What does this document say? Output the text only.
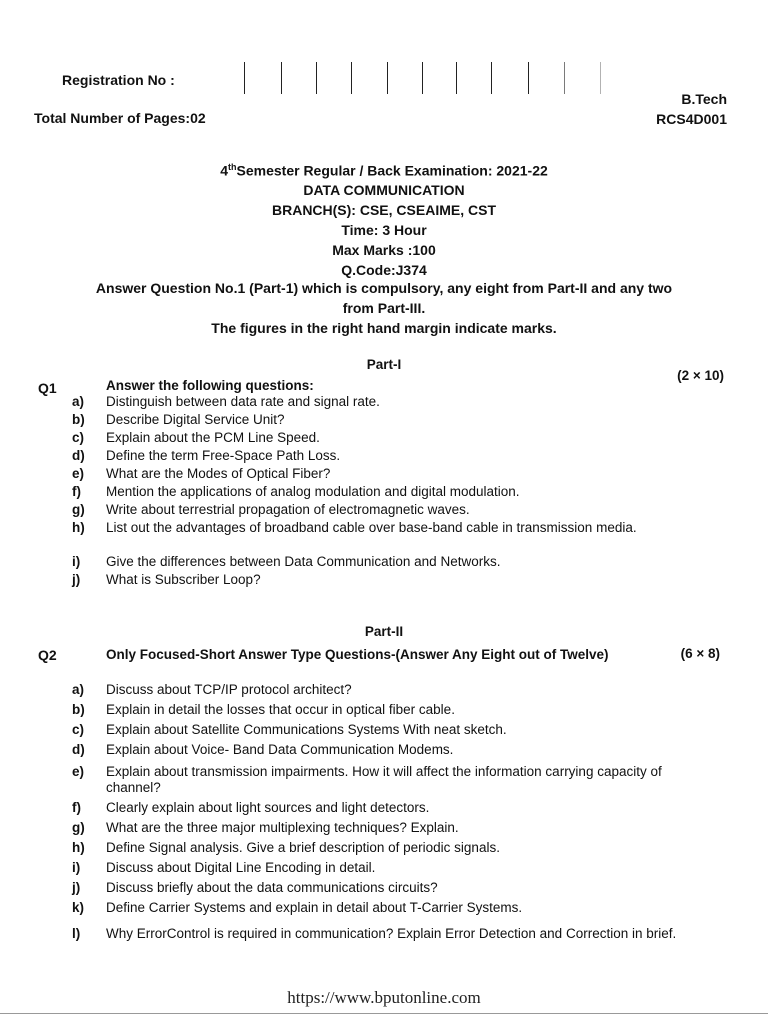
Registration No :
Total Number of Pages:02
B.Tech
RCS4D001
4thSemester Regular / Back Examination: 2021-22
DATA COMMUNICATION
BRANCH(S): CSE, CSEAIME, CST
Time: 3 Hour
Max Marks :100
Q.Code:J374
Answer Question No.1 (Part-1) which is compulsory, any eight from Part-II and any two
from Part-III.
The figures in the right hand margin indicate marks.
Part-I
Q1	Answer the following questions:
(2 × 10)
a)	Distinguish between data rate and signal rate.
b)	Describe Digital Service Unit?
c)	Explain about the PCM Line Speed.
d)	Define the term Free-Space Path Loss.
e)	What are the Modes of Optical Fiber?
f)	Mention the applications of analog modulation and digital modulation.
g)	Write about terrestrial propagation of electromagnetic waves.
h)	List out the advantages of broadband cable over base-band cable in transmission media.
i)	Give the differences between Data Communication and Networks.
j)	What is Subscriber Loop?
Part-II
Q2	Only Focused-Short Answer Type Questions-(Answer Any Eight out of Twelve)	(6 × 8)
a)	Discuss about TCP/IP protocol architect?
b)	Explain in detail the losses that occur in optical fiber cable.
c)	Explain about Satellite Communications Systems With neat sketch.
d)	Explain about Voice- Band Data Communication Modems.
e)	Explain about transmission impairments. How it will affect the information carrying capacity of channel?
f)	Clearly explain about light sources and light detectors.
g)	What are the three major multiplexing techniques? Explain.
h)	Define Signal analysis. Give a brief description of periodic signals.
i)	Discuss about Digital Line Encoding in detail.
j)	Discuss briefly about the data communications circuits?
k)	Define Carrier Systems and explain in detail about T-Carrier Systems.
l)	Why ErrorControl is required in communication? Explain Error Detection and Correction in brief.
https://www.bputonline.com
